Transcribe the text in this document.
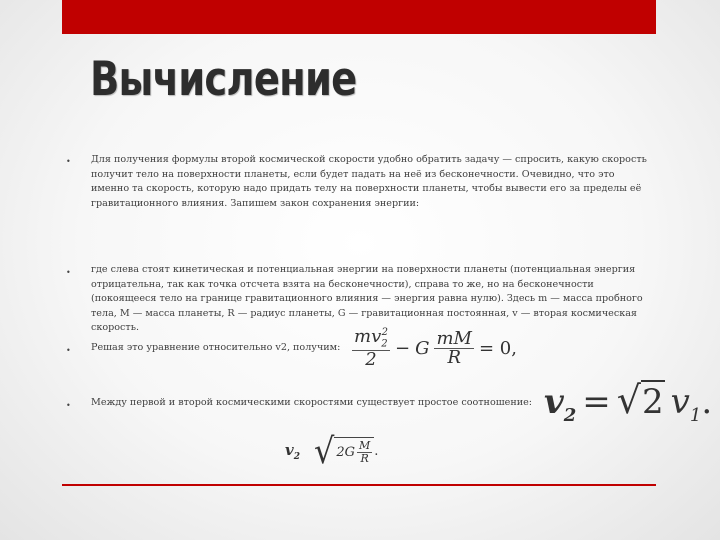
Вычисление
• Для получения формулы второй космической скорости удобно обратить задачу — спросить, какую скорость получит тело на поверхности планеты, если будет падать на неё из бесконечности. Очевидно, что это именно та скорость, которую надо придать телу на поверхности планеты, чтобы вывести его за пределы её гравитационного влияния. Запишем закон сохранения энергии:

• где слева стоят кинетическая и потенциальная энергии на поверхности планеты (потенциальная энергия отрицательна, так как точка отсчета взята на бесконечности), справа то же, но на бесконечности (покоящееся тело на границе гравитационного влияния — энергия равна нулю). Здесь m — масса пробного тела, M — масса планеты, R — радиус планеты, G — гравитационная постоянная, v — вторая космическая скорость.

• Решая это уравнение относительно v2, получим: $\frac{mv_2^2}{2} - G \frac{mM}{R} = 0$,
• Между первой и второй космическими скоростями существует простое соотношение: $v_2$ = √ 2 $v_1$.
$v_2$ √ $2G \frac{M}{R}$ .
